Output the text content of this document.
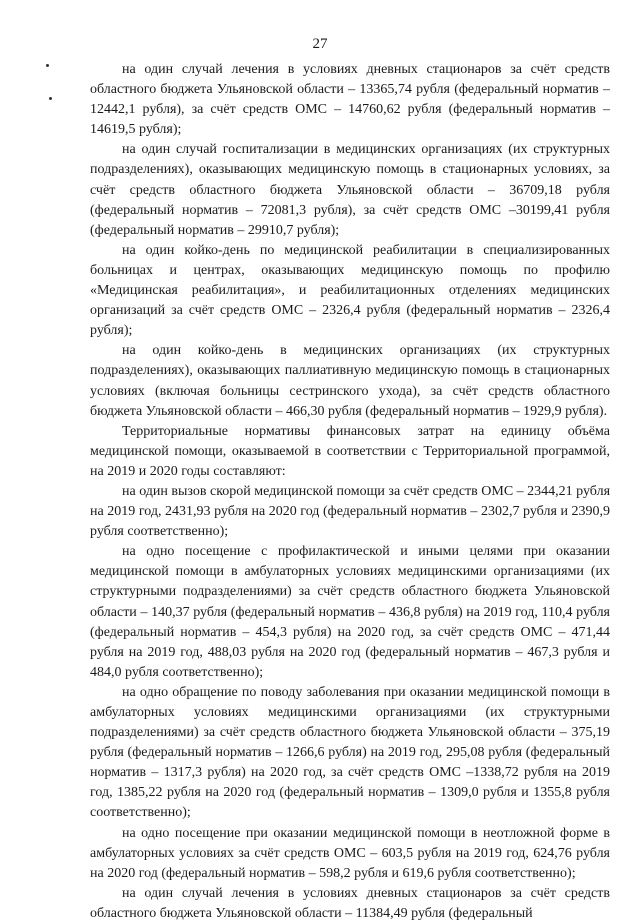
27

на один случай лечения в условиях дневных стационаров за счёт средств областного бюджета Ульяновской области – 13365,74 рубля (федеральный норматив – 12442,1 рубля), за счёт средств ОМС – 14760,62 рубля (федеральный норматив – 14619,5 рубля);

на один случай госпитализации в медицинских организациях (их структурных подразделениях), оказывающих медицинскую помощь в стационарных условиях, за счёт средств областного бюджета Ульяновской области – 36709,18 рубля (федеральный норматив – 72081,3 рубля), за счёт средств ОМС –30199,41 рубля (федеральный норматив – 29910,7 рубля);

на один койко-день по медицинской реабилитации в специализированных больницах и центрах, оказывающих медицинскую помощь по профилю «Медицинская реабилитация», и реабилитационных отделениях медицинских организаций за счёт средств ОМС – 2326,4 рубля (федеральный норматив – 2326,4 рубля);

на один койко-день в медицинских организациях (их структурных подразделениях), оказывающих паллиативную медицинскую помощь в стационарных условиях (включая больницы сестринского ухода), за счёт средств областного бюджета Ульяновской области – 466,30 рубля (федеральный норматив – 1929,9 рубля).

Территориальные нормативы финансовых затрат на единицу объёма медицинской помощи, оказываемой в соответствии с Территориальной программой, на 2019 и 2020 годы составляют:

на один вызов скорой медицинской помощи за счёт средств ОМС – 2344,21 рубля на 2019 год, 2431,93 рубля на 2020 год (федеральный норматив – 2302,7 рубля и 2390,9 рубля соответственно);

на одно посещение с профилактической и иными целями при оказании медицинской помощи в амбулаторных условиях медицинскими организациями (их структурными подразделениями) за счёт средств областного бюджета Ульяновской области – 140,37 рубля (федеральный норматив – 436,8 рубля) на 2019 год, 110,4 рубля (федеральный норматив – 454,3 рубля) на 2020 год, за счёт средств ОМС – 471,44 рубля на 2019 год, 488,03 рубля на 2020 год (федеральный норматив – 467,3 рубля и 484,0 рубля соответственно);

на одно обращение по поводу заболевания при оказании медицинской помощи в амбулаторных условиях медицинскими организациями (их структурными подразделениями) за счёт средств областного бюджета Ульяновской области – 375,19 рубля (федеральный норматив – 1266,6 рубля) на 2019 год, 295,08 рубля (федеральный норматив – 1317,3 рубля) на 2020 год, за счёт средств ОМС –1338,72 рубля на 2019 год, 1385,22 рубля на 2020 год (федеральный норматив – 1309,0 рубля и 1355,8 рубля соответственно);

на одно посещение при оказании медицинской помощи в неотложной форме в амбулаторных условиях за счёт средств ОМС – 603,5 рубля на 2019 год, 624,76 рубля на 2020 год (федеральный норматив – 598,2 рубля и 619,6 рубля соответственно);

на один случай лечения в условиях дневных стационаров за счёт средств областного бюджета Ульяновской области – 11384,49 рубля (федеральный
